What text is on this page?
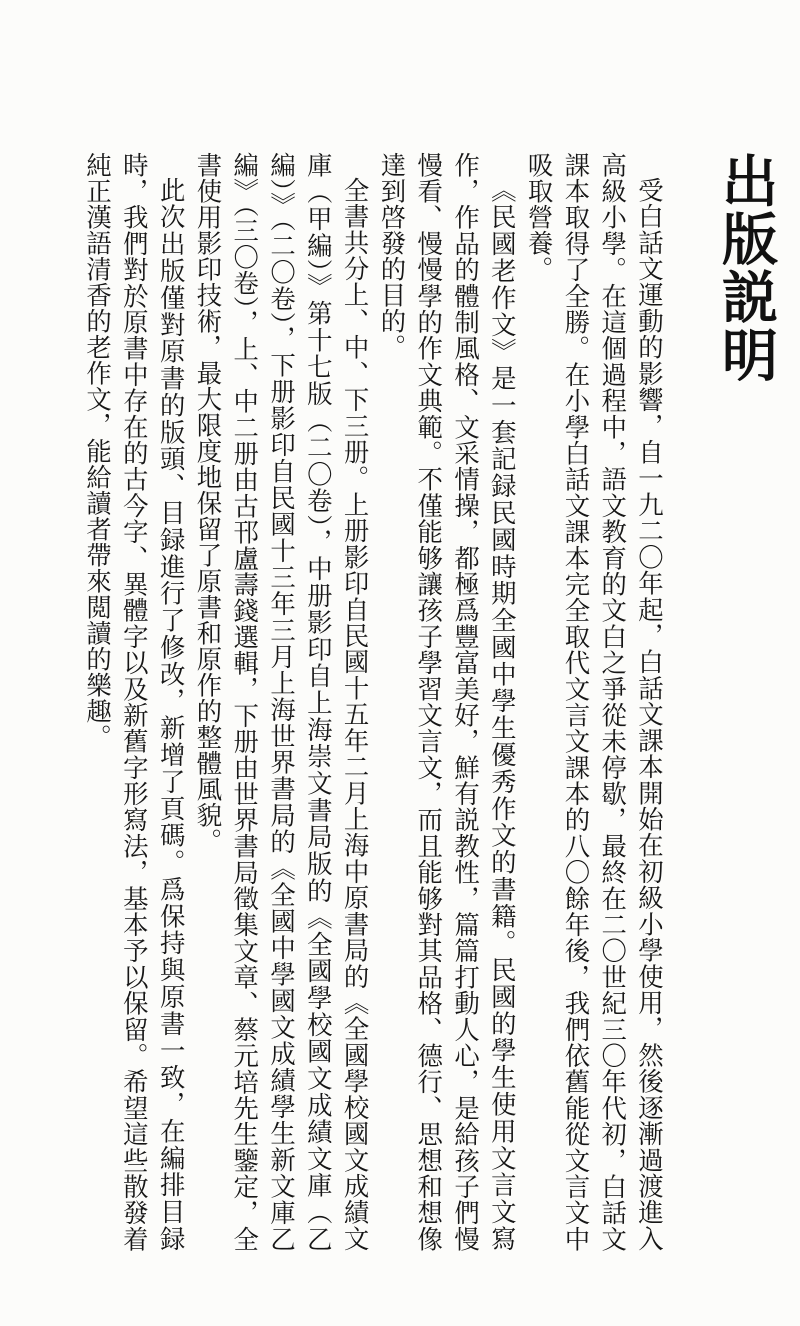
出版説明

受白話文運動的影響，自一九二〇年起，白話文課本開始在初級小學使用，然後逐漸過渡進入高級小學。在這個過程中，語文教育的文白之爭從未停歇，最終在二〇世紀三〇年代初，白話文課本取得了全勝。在小學白話文課本完全取代文言文課本的八〇餘年後，我們依舊能從文言文中吸取營養。

《民國老作文》是一套記録民國時期全國中學生優秀作文的書籍。民國的學生使用文言文寫作，作品的體制風格、文采情操，都極爲豐富美好，鮮有説教性，篇篇打動人心，是給孩子們慢慢看、慢慢學的作文典範。不僅能够讓孩子學習文言文，而且能够對其品格、德行、思想和想像達到啓發的目的。

全書共分上、中、下三册。上册影印自民國十五年二月上海中原書局的《全國學校國文成績文庫（甲編）》第十七版（二〇卷），中册影印自上海崇文書局版的《全國學校國文成績文庫（乙編）》（二〇卷），下册影印自民國十三年三月上海世界書局的《全國中學國文成績學生新文庫乙編》（三〇卷），上、中二册由古邗盧壽錢選輯，下册由世界書局徵集文章、蔡元培先生鑒定，全書使用影印技術，最大限度地保留了原書和原作的整體風貌。

此次出版僅對原書的版頭、目録進行了修改，新增了頁碼。爲保持與原書一致，在編排目録時，我們對於原書中存在的古今字、異體字以及新舊字形寫法，基本予以保留。希望這些散發着純正漢語清香的老作文，能給讀者帶來閲讀的樂趣。
